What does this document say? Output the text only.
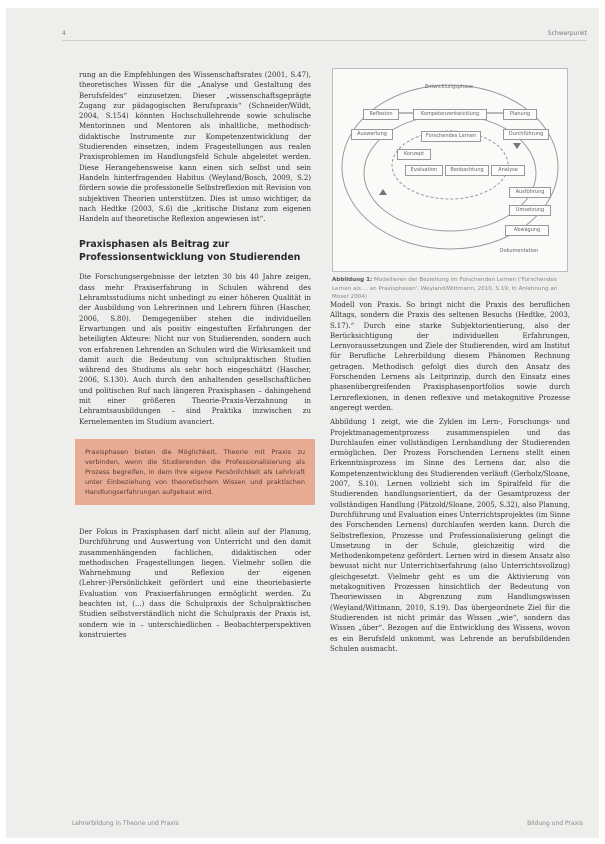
4	Schwerpunkt

rung an die Empfehlungen des Wissenschaftsrates (2001, S.47), theoretisches Wissen für die „Analyse und Gestaltung des Berufsfeldes“ einzusetzen. Dieser „wissenschaftsgeprägte Zugang zur pädagogischen Berufspraxis“ (Schneider/Wildt, 2004, S.154) könnten Hochschullehrende sowie schulische Mentorinnen und Mentoren als inhaltliche, methodisch-didaktische Instrumente zur Kompetenzentwicklung der Studierenden einsetzen, indem Fragestellungen aus realen Praxisproblemen im Handlungsfeld Schule abgeleitet werden. Diese Herangehensweise kann einen sich selbst und sein Handeln hinterfragenden Habitus (Weyland/Bosch, 2009, S.2) fördern sowie die professionelle Selbstreflexion mit Revision von subjektiven Theorien unterstützen. Dies ist umso wichtiger, da nach Hedtke (2003, S.6) die „kritische Distanz zum eigenen Handeln auf theoretische Reflexion angewiesen ist“.

Praxisphasen als Beitrag zur Professionsentwicklung von Studierenden

Die Forschungsergebnisse der letzten 30 bis 40 Jahre zeigen, dass mehr Praxiserfahrung in Schulen während des Lehramtsstudiums nicht unbedingt zu einer höheren Qualität in der Ausbildung von Lehrerinnen und Lehrern führen (Hascher, 2006, S.80). Demgegenüber stehen die individuellen Erwartungen und als positiv eingestuften Erfahrungen der beteiligten Akteure: Nicht nur von Studierenden, sondern auch von erfahrenen Lehrenden an Schulen wird die Wirksamkeit und damit auch die Bedeutung von schulpraktischen Studien während des Studiums als sehr hoch eingeschätzt (Hascher, 2006, S.130). Auch durch den anhaltenden gesellschaftlichen und politischen Ruf nach längeren Praxisphasen – dahingehend mit einer größeren Theorie-Praxis-Verzahnung in Lehramtsausbildungen – sind Praktika inzwischen zu Kernelementen im Studium avanciert.

Praxisphasen bieten die Möglichkeit, Theorie mit Praxis zu verbinden, wenn die Studierenden die Professionalisierung als Prozess begreifen, in dem ihre eigene Persönlichkeit als Lehrkraft unter Einbeziehung von theoretischem Wissen und praktischen Handlungserfahrungen aufgebaut wird.

Der Fokus in Praxisphasen darf nicht allein auf der Planung, Durchführung und Auswertung von Unterricht und den damit zusammenhängenden fachlichen, didaktischen oder methodischen Fragestellungen liegen. Vielmehr sollen die Wahrnehmung und Reflexion der eigenen (Lehrer-)Persönlichkeit gefördert und eine theoriebasierte Evaluation von Praxiserfahrungen ermöglicht werden. Zu beachten ist, (...) dass die Schulpraxis der Schulpraktischen Studien selbstverständlich nicht die Schulpraxis der Praxis ist, sondern wie in – unterschiedlichen – Beobachterperspektiven konstruiertes

Entwicklungsphase
Kompetenzentwicklung
Reflexion	Planung
Auswertung	Forschendes Lernen	Durchführung
Konzept
Evaluation	Beobachtung	Analyse
Ausführung
Umsetzung
Abwägung
Dokumentation
Abbildung 1: Modellieren der Beziehung im Forschenden Lernen ('Forschendes Lernen als ... an Praxisphasen', Weyland/Wittmann, 2010, S.19; In Anlehnung an Moser 2004)

Modell von Praxis. So bringt nicht die Praxis des beruflichen Alltags, sondern die Praxis des seltenen Besuchs (Hedtke, 2003, S.17).“ Durch eine starke Subjektorientierung, also der Berücksichtigung der individuellen Erfahrungen, Lernvoraussetzungen und Ziele der Studierenden, wird am Institut für Berufliche Lehrerbildung diesem Phänomen Rechnung getragen. Methodisch gefolgt dies durch den Ansatz des Forschenden Lernens als Leitprinzip, durch den Einsatz eines phasenübergreifenden Praxisphasenportfolios sowie durch Lernreflexionen, in denen reflexive und metakognitive Prozesse angeregt werden.

Abbildung 1 zeigt, wie die Zyklen im Lern-, Forschungs- und Projektmanagementprozess zusammenspielen und das Durchlaufen einer vollständigen Lernhandlung der Studierenden ermöglichen. Der Prozess Forschenden Lernens stellt einen Erkenntnisprozess im Sinne des Lernens dar, also die Kompetenzentwicklung des Studierenden verläuft (Gerholz/Sloane, 2007, S.10). Lernen vollzieht sich im Spiralfeld für die Studierenden handlungsorientiert, da der Gesamtprozess der vollständigen Handlung (Pätzold/Sloane, 2005, S.32), also Planung, Durchführung und Evaluation eines Unterrichtsprojektes (im Sinne des Forschenden Lernens) durchlaufen werden kann. Durch die Selbstreflexion, Prozesse und Professionalisierung gelingt die Umsetzung in der Schule, gleichzeitig wird die Methodenkompetenz gefördert. Lernen wird in diesem Ansatz also bewusst nicht nur Unterrichtserfahrung (also Unterrichtsvollzug) gleichgesetzt. Vielmehr geht es um die Aktivierung von metakognitiven Prozessen hinsichtlich der Bedeutung von Theoriewissen in Abgrenzung zum Handlungswissen (Weyland/Wittmann, 2010, S.19). Das übergeordnete Ziel für die Studierenden ist nicht primär das Wissen „wie“, sondern das Wissen „über“. Bezogen auf die Entwicklung des Wissens, wovon es ein Berufsfeld unkommt, was Lehrende an berufsbildenden Schulen ausmacht.

Lehrerbildung in Theorie und Praxis	Bildung und Praxis
